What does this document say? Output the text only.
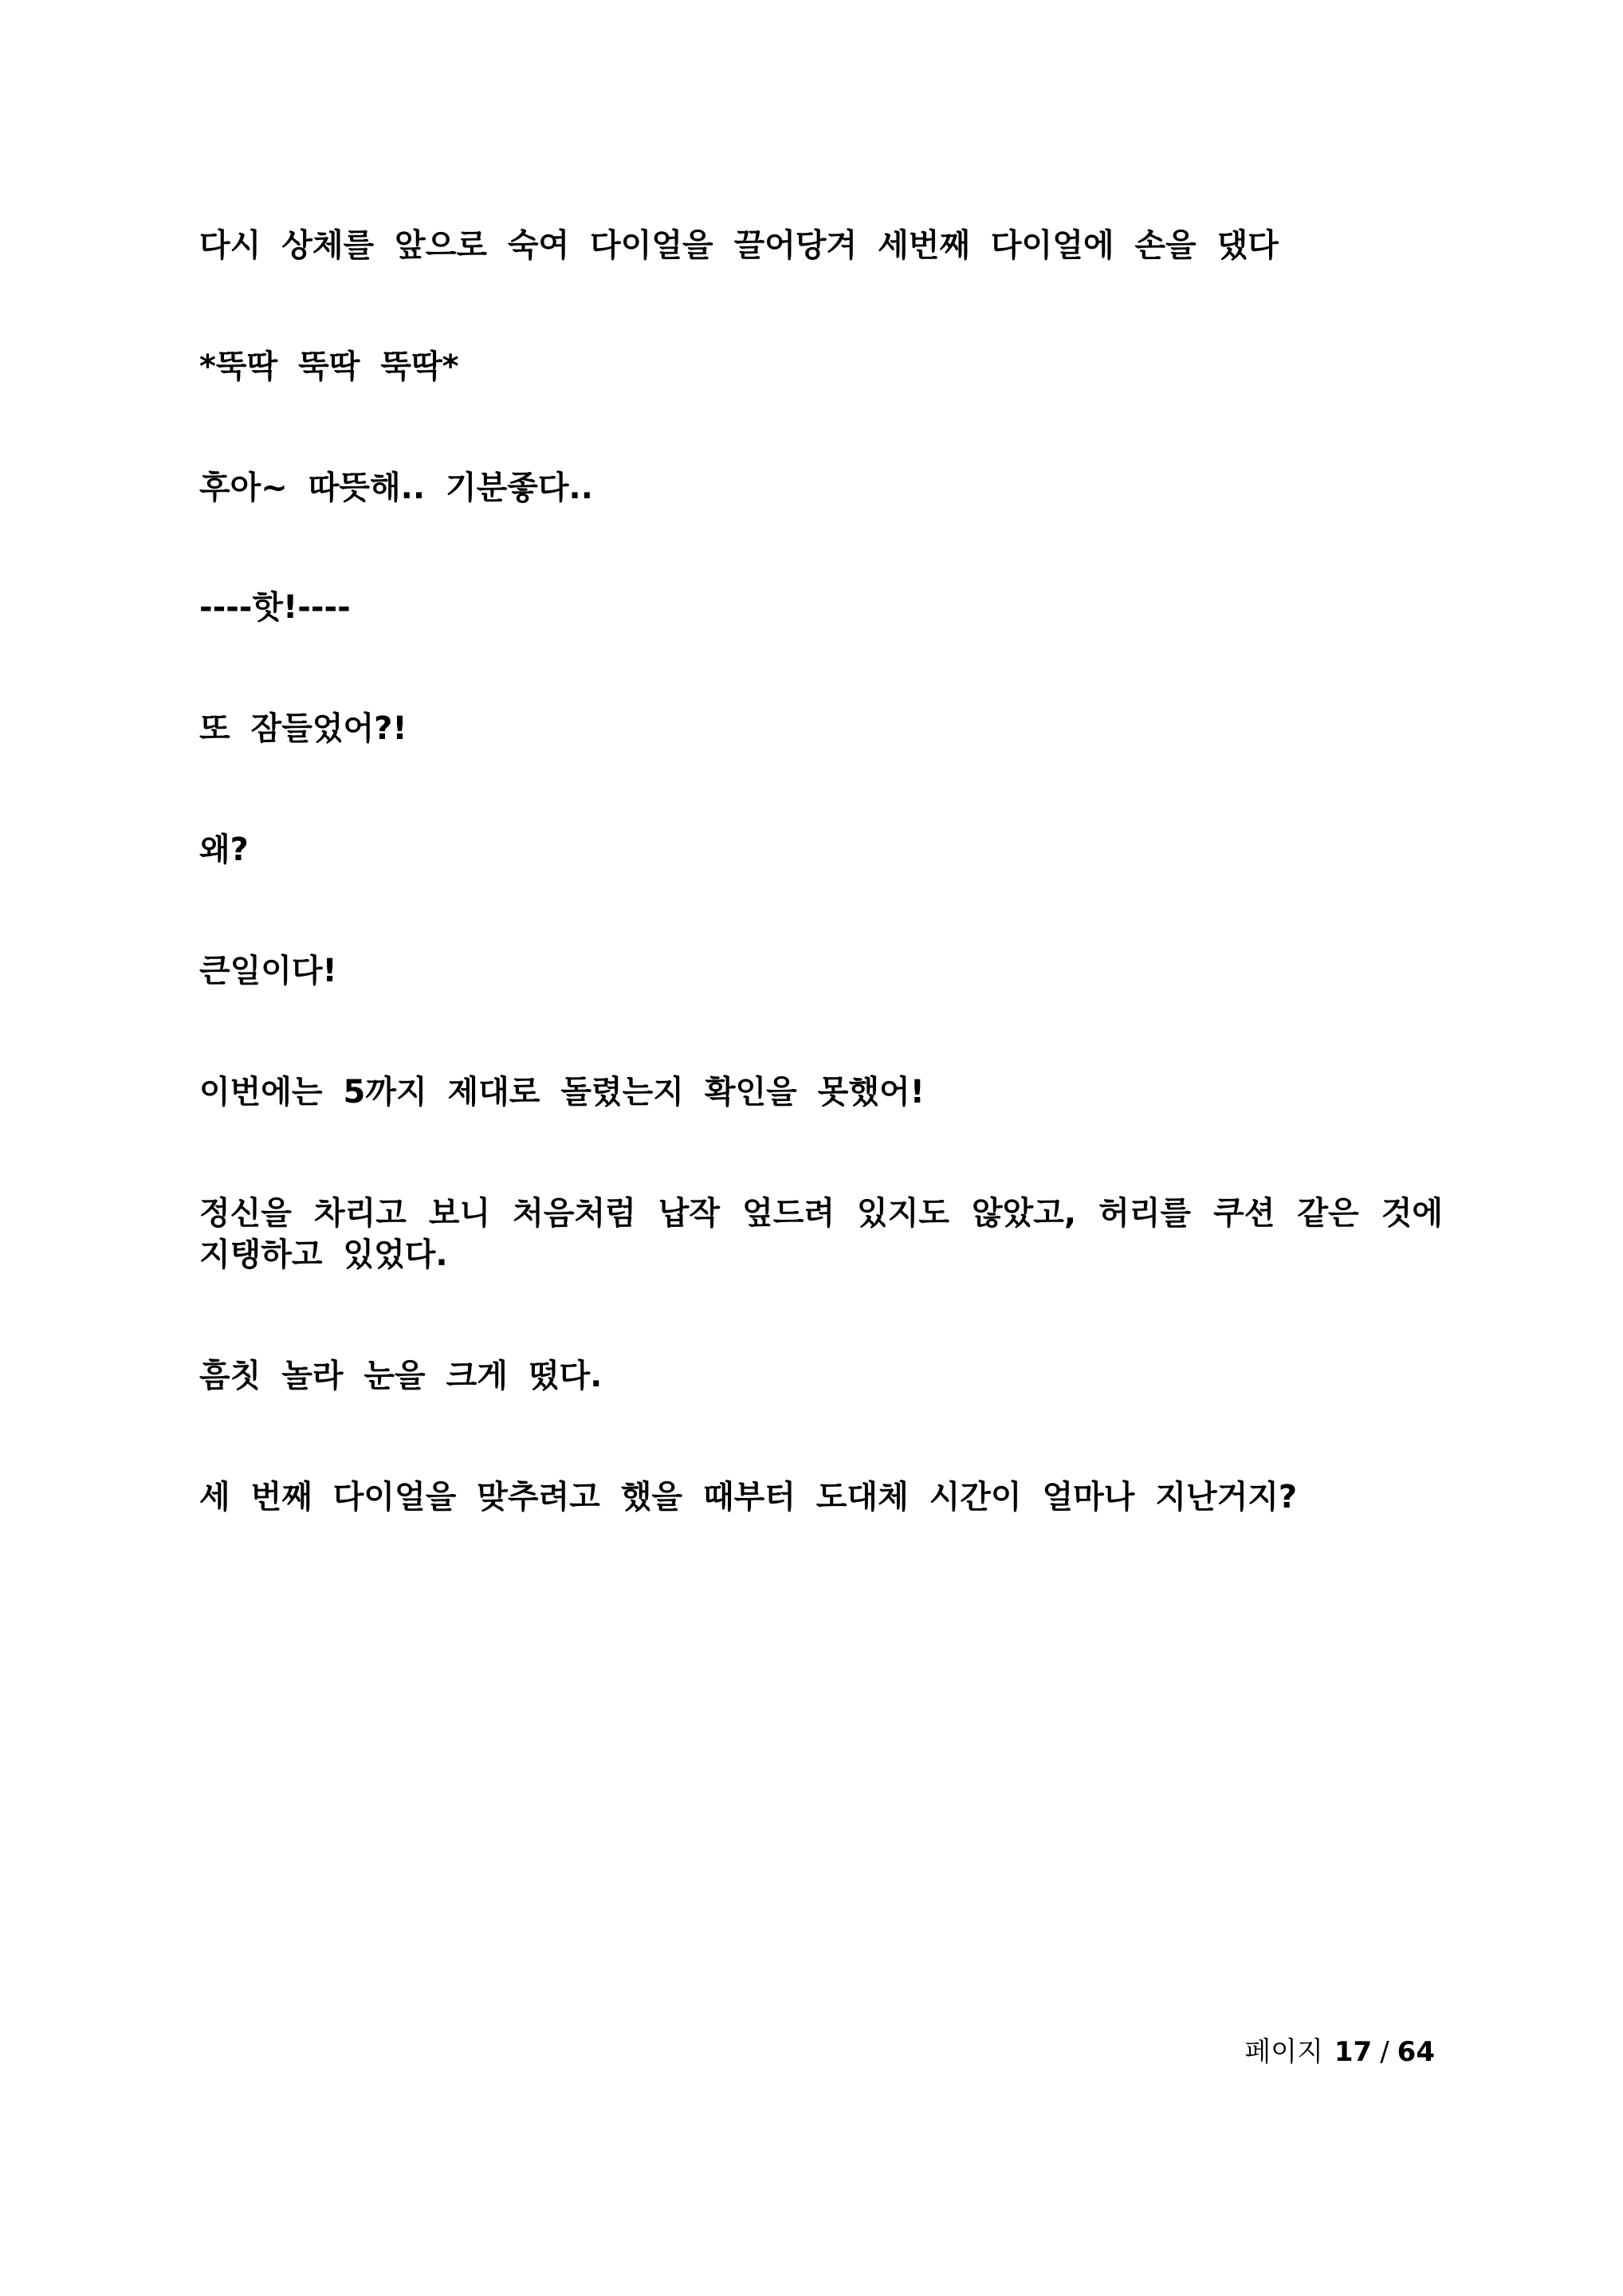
다시 상체를 앞으로 숙여 다이얼을 끌어당겨 세번째 다이얼에 손을 댔다

*뚝딱 뚝딱 뚝딱*

후아~ 따뜻해.. 기분좋다..

----핫!----

또 잠들었어?!

왜?

큰일이다!

이번에는 5까지 제대로 돌렸는지 확인을 못했어!

정신을 차리고 보니 처음처럼 납작 엎드려 있지도 않았고, 허리를 쿠션 같은 것에 지탱하고 있었다.

흠칫 놀라 눈을 크게 떴다.

세 번째 다이얼을 맞추려고 했을 때부터 도대체 시간이 얼마나 지난거지?

페이지 17 / 64
